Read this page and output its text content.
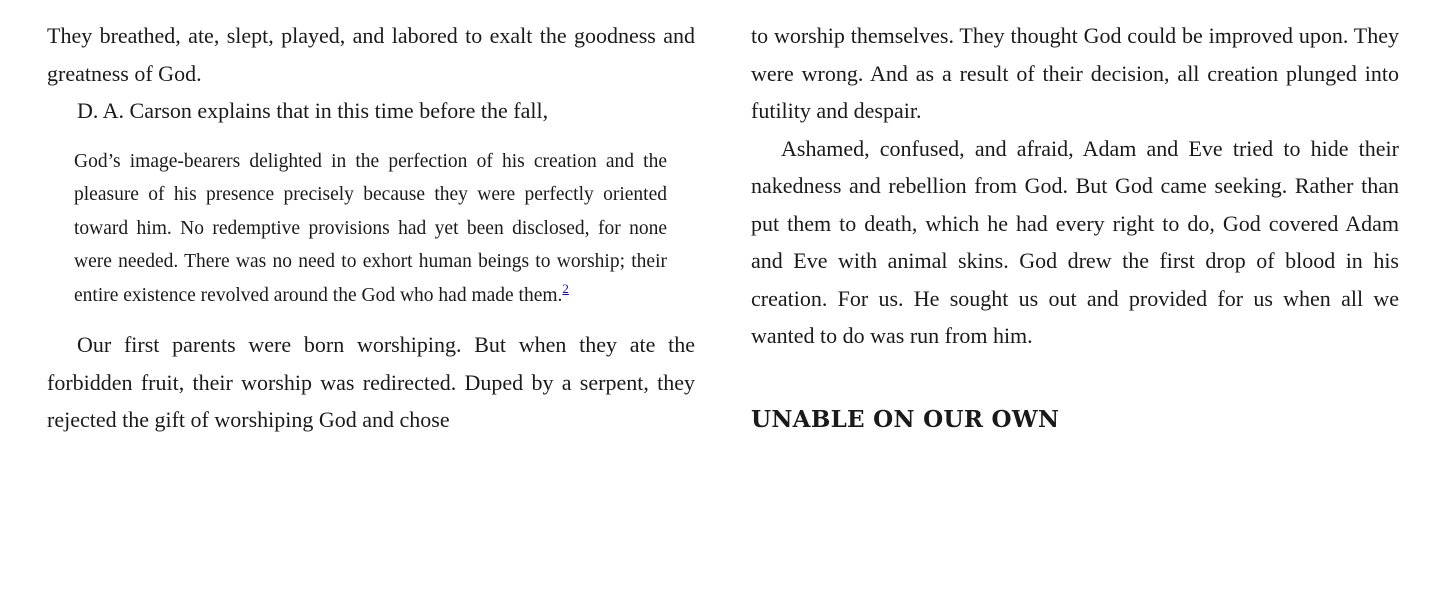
They breathed, ate, slept, played, and labored to exalt the goodness and greatness of God.

D. A. Carson explains that in this time before the fall,

God’s image-bearers delighted in the perfection of his creation and the pleasure of his presence precisely because they were perfectly oriented toward him. No redemptive provisions had yet been disclosed, for none were needed. There was no need to exhort human beings to worship; their entire existence revolved around the God who had made them.$^2$

Our first parents were born worshiping. But when they ate the forbidden fruit, their worship was redirected. Duped by a serpent, they rejected the gift of worshiping God and chose

to worship themselves. They thought God could be improved upon. They were wrong. And as a result of their decision, all creation plunged into futility and despair.

Ashamed, confused, and afraid, Adam and Eve tried to hide their nakedness and rebellion from God. But God came seeking. Rather than put them to death, which he had every right to do, God covered Adam and Eve with animal skins. God drew the first drop of blood in his creation. For us. He sought us out and provided for us when all we wanted to do was run from him.

UNABLE ON OUR OWN
